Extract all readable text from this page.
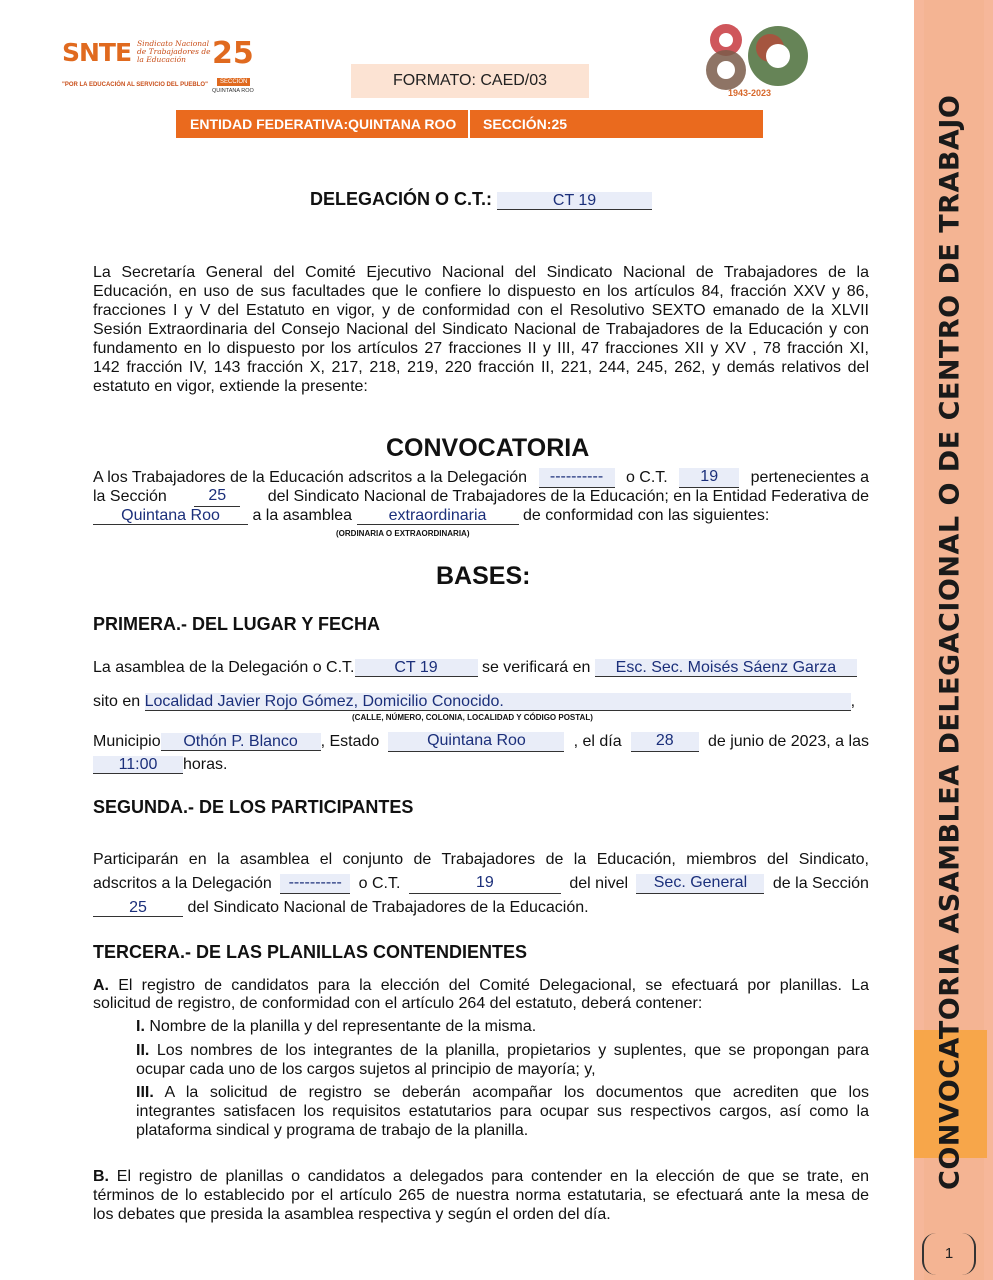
CONVOCATORIA ASAMBLEA DELEGACIONAL O DE CENTRO DE TRABAJO
1
SNTE Sindicato Nacional de Trabajadores de la Educación 25
SECCIÓN
QUINTANA ROO
"POR LA EDUCACIÓN AL SERVICIO DEL PUEBLO"	FORMATO: CAED/03
1943-2023
ENTIDAD FEDERATIVA:QUINTANA ROO SECCIÓN:25
DELEGACIÓN O C.T.:	CT 19
La Secretaría General del Comité Ejecutivo Nacional del Sindicato Nacional de Trabajadores de la
Educación, en uso de sus facultades que le confiere lo dispuesto en los artículos 84, fracción XXV y 86,
fracciones I y V del Estatuto en vigor, y de conformidad con el Resolutivo SEXTO emanado de la XLVII
Sesión Extraordinaria del Consejo Nacional del Sindicato Nacional de Trabajadores de la Educación y con
fundamento en lo dispuesto por los artículos 27 fracciones II y III, 47 fracciones XII y XV , 78 fracción XI,
142 fracción IV, 143 fracción X, 217, 218, 219, 220 fracción II, 221, 244, 245, 262, y demás relativos del
estatuto en vigor, extiende la presente:
CONVOCATORIA
A los Trabajadores de la Educación adscritos a la Delegación	----------	o C.T.	19	pertenecientes a
la Sección	25	del Sindicato Nacional de Trabajadores de la Educación; en la Entidad Federativa de
Quintana Roo a la asamblea extraordinaria de conformidad con las siguientes:
(ORDINARIA O EXTRAORDINARIA)
BASES:
PRIMERA.- DEL LUGAR Y FECHA
La asamblea de la Delegación o C.T. CT 19	se verificará en Esc. Sec. Moisés Sáenz Garza
sito en Localidad Javier Rojo Gómez, Domicilio Conocido.	,
(CALLE, NÚMERO, COLONIA, LOCALIDAD Y CÓDIGO POSTAL)
Municipio Othón P. Blanco , Estado	Quintana Roo	, el día	28	de junio de 2023, a las
11:00 horas.
SEGUNDA.- DE LOS PARTICIPANTES
Participarán en la asamblea el conjunto de Trabajadores de la Educación, miembros del Sindicato,
adscritos a la Delegación	----------	o C.T.	19	del nivel	Sec. General	de la Sección
25	del Sindicato Nacional de Trabajadores de la Educación.
TERCERA.- DE LAS PLANILLAS CONTENDIENTES
A. El registro de candidatos para la elección del Comité Delegacional, se efectuará por planillas. La
solicitud de registro, de conformidad con el artículo 264 del estatuto, deberá contener:
I. Nombre de la planilla y del representante de la misma.
II. Los nombres de los integrantes de la planilla, propietarios y suplentes, que se propongan para
ocupar cada uno de los cargos sujetos al principio de mayoría; y,
III. A la solicitud de registro se deberán acompañar los documentos que acrediten que los
integrantes satisfacen los requisitos estatutarios para ocupar sus respectivos cargos, así como la
plataforma sindical y programa de trabajo de la planilla.
B. El registro de planillas o candidatos a delegados para contender en la elección de que se trate, en
términos de lo establecido por el artículo 265 de nuestra norma estatutaria, se efectuará ante la mesa de
los debates que presida la asamblea respectiva y según el orden del día.
